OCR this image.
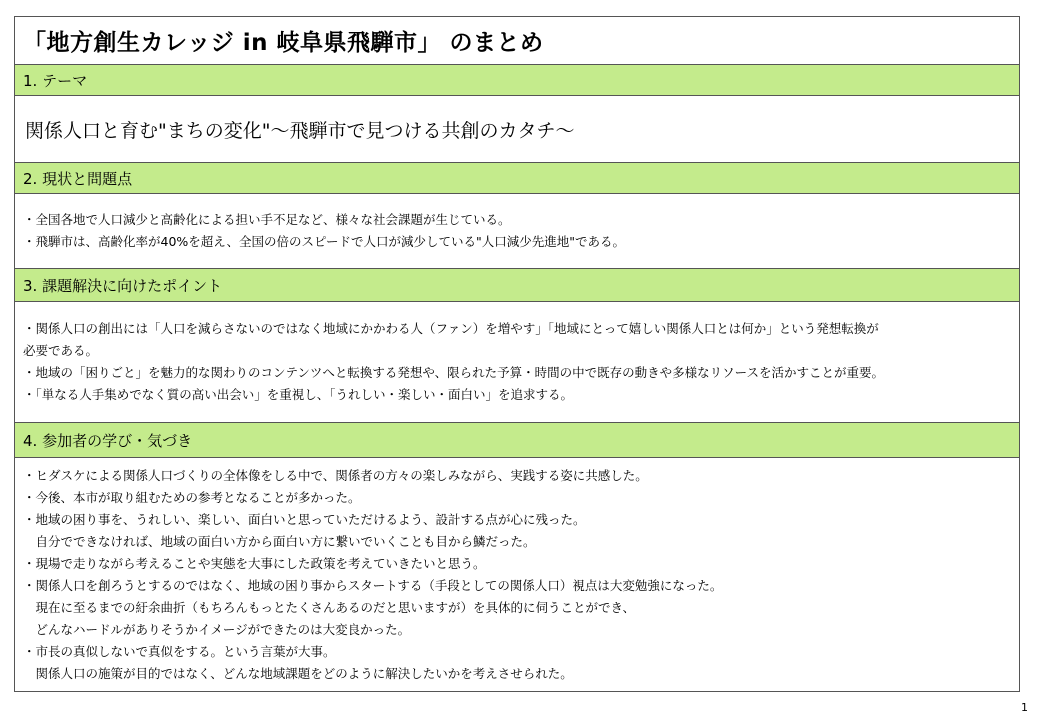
「地方創生カレッジ in 岐阜県飛騨市」 のまとめ
1. テーマ
関係人口と育む"まちの変化"～飛騨市で見つける共創のカタチ～
2. 現状と問題点
・全国各地で人口減少と高齢化による担い手不足など、様々な社会課題が生じている。
・飛騨市は、高齢化率が40%を超え、全国の倍のスピードで人口が減少している"人口減少先進地"である。
3. 課題解決に向けたポイント
・関係人口の創出には「人口を減らさないのではなく地域にかかわる人（ファン）を増やす」「地域にとって嬉しい関係人口とは何か」という発想転換が
必要である。
・地域の「困りごと」を魅力的な関わりのコンテンツへと転換する発想や、限られた予算・時間の中で既存の動きや多様なリソースを活かすことが重要。
・「単なる人手集めでなく質の高い出会い」を重視し、「うれしい・楽しい・面白い」を追求する。
4. 参加者の学び・気づき
・ヒダスケによる関係人口づくりの全体像をしる中で、関係者の方々の楽しみながら、実践する姿に共感した。
・今後、本市が取り組むための参考となることが多かった。
・地域の困り事を、うれしい、楽しい、面白いと思っていただけるよう、設計する点が心に残った。
　自分でできなければ、地域の面白い方から面白い方に繋いでいくことも目から鱗だった。
・現場で走りながら考えることや実態を大事にした政策を考えていきたいと思う。
・関係人口を創ろうとするのではなく、地域の困り事からスタートする（手段としての関係人口）視点は大変勉強になった。
　現在に至るまでの紆余曲折（もちろんもっとたくさんあるのだと思いますが）を具体的に伺うことができ、
　どんなハードルがありそうかイメージができたのは大変良かった。
・市長の真似しないで真似をする。という言葉が大事。
　関係人口の施策が目的ではなく、どんな地域課題をどのように解決したいかを考えさせられた。
1
